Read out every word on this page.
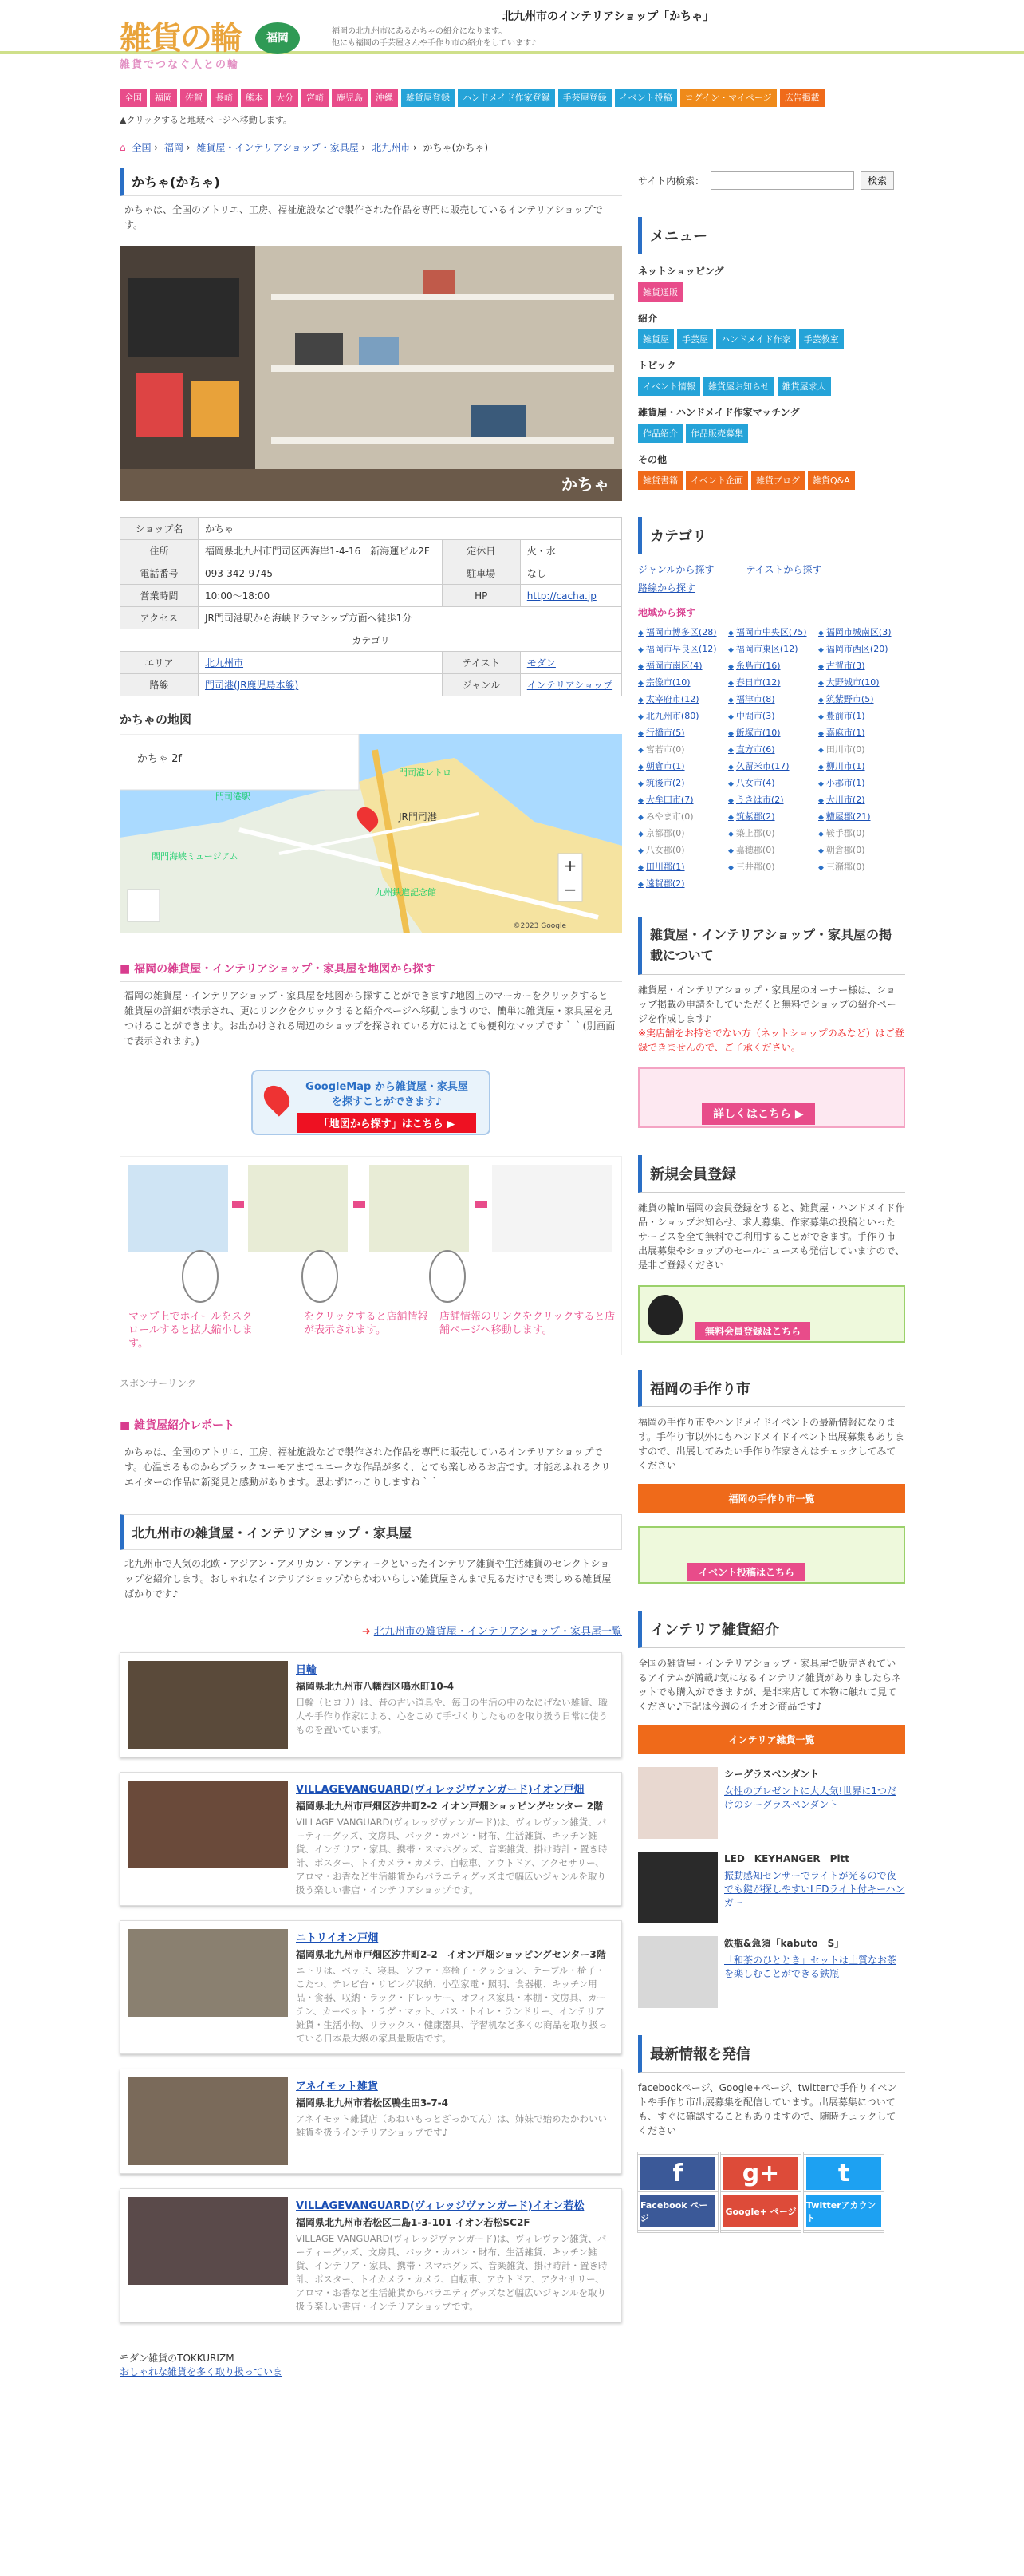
雑貨の輪	福岡
雑貨でつなぐ人との輪
福岡の北九州市にあるかちゃの紹介になります。
他にも福岡の手芸屋さんや手作り市の紹介をしています♪
北九州市のインテリアショップ「かちゃ」
全国	福岡	佐賀	長崎	熊本	大分	宮崎	鹿児島	沖縄	雑貨屋登録	ハンドメイド作家登録	手芸屋登録	イベント投稿	ログイン・マイページ	広告掲載
▲クリックすると地域ページへ移動します。
⌂ 全国 › 福岡 › 雑貨屋・インテリアショップ・家具屋 › 北九州市 › かちゃ(かちゃ)
かちゃ(かちゃ)

かちゃは、全国のアトリエ、工房、福祉施設などで製作された作品を専門に販売しているインテリアショップです。

かちゃ
ショップ名	かちゃ		
住所	福岡県北九州市門司区西海岸1-4-16　新海運ビル2F	定休日	火・水
電話番号	093-342-9745	駐車場	なし
営業時間	10:00〜18:00	HP	http://cacha.jp
アクセス	JR門司港駅から海峡ドラマシップ方面へ徒歩1分		
カテゴリ			
エリア	北九州市	テイスト	モダン
路線	門司港(JR鹿児島本線)	ジャンル	インテリアショップ
かちゃの地図
かちゃ 2f
門司港駅
JR門司港
九州鉄道記念館
関門海峡ミュージアム
門司港レトロ
+
−
©2023 Google
■ 福岡の雑貨屋・インテリアショップ・家具屋を地図から探す

福岡の雑貨屋・インテリアショップ・家具屋を地図から探すことができます♪地図上のマーカーをクリックすると雑貨屋の詳細が表示され、更にリンクをクリックすると紹介ページへ移動しますので、簡単に雑貨屋・家具屋を見つけることができます。お出かけされる周辺のショップを探されている方にはとても便利なマップです｀｀(別画面で表示されます。)

GoogleMap から雑貨屋・家具屋
を探すことができます♪
「地図から探す」はこちら ▶
マップ上でホイールをスクロールすると拡大縮小します。
をクリックすると店舗情報が表示されます。
店舗情報のリンクをクリックすると店舗ページへ移動します。
スポンサーリンク
■ 雑貨屋紹介レポート

かちゃは、全国のアトリエ、工房、福祉施設などで製作された作品を専門に販売しているインテリアショップです。心温まるものからブラックユーモアまでユニークな作品が多く、とても楽しめるお店です。才能あふれるクリエイターの作品に新発見と感動があります。思わずにっこりしますね｀｀

北九州市の雑貨屋・インテリアショップ・家具屋

北九州市で人気の北欧・アジアン・アメリカン・アンティークといったインテリア雑貨や生活雑貨のセレクトショップを紹介します。おしゃれなインテリアショップからかわいらしい雑貨屋さんまで見るだけでも楽しめる雑貨屋ばかりです♪

➜ 北九州市の雑貨屋・インテリアショップ・家具屋一覧
日輪
福岡県北九州市八幡西区鳴水町10-4
日輪（ヒヨリ）は、昔の古い道具や、毎日の生活の中のなにげない雑貨、職人や手作り作家による、心をこめて手づくりしたものを取り扱う日常に使うものを置いています。
VILLAGEVANGUARD(ヴィレッジヴァンガード)イオン戸畑
福岡県北九州市戸畑区汐井町2-2 イオン戸畑ショッピングセンター 2階
VILLAGE VANGUARD(ヴィレッジヴァンガード)は、ヴィレヴァン雑貨、パーティーグッズ、文房具、バック・カバン・財布、生活雑貨、キッチン雑貨、インテリア・家具、携帯・スマホグッズ、音楽雑貨、掛け時計・置き時計、ポスター、トイカメラ・カメラ、自転車、アウトドア、アクセサリー、アロマ・お香など生活雑貨からバラエティグッズまで幅広いジャンルを取り扱う楽しい書店・インテリアショップです。
ニトリイオン戸畑
福岡県北九州市戸畑区汐井町2-2　イオン戸畑ショッピングセンター3階
ニトリは、ベッド、寝具、ソファ・座椅子・クッション、テーブル・椅子・こたつ、テレビ台・リビング収納、小型家電・照明、食器棚、キッチン用品・食器、収納・ラック・ドレッサー、オフィス家具・本棚・文房具、カーテン、カーペット・ラグ・マット、バス・トイレ・ランドリー、インテリア雑貨・生活小物、リラックス・健康器具、学習机など多くの商品を取り扱っている日本最大級の家具量販店です。
アネイモット雑貨
福岡県北九州市若松区鴨生田3-7-4
アネイモット雑貨店（あねいもっとざっかてん）は、姉妹で始めたかわいい雑貨を扱うインテリアショップです♪
VILLAGEVANGUARD(ヴィレッジヴァンガード)イオン若松
福岡県北九州市若松区二島1-3-101 イオン若松SC2F
VILLAGE VANGUARD(ヴィレッジヴァンガード)は、ヴィレヴァン雑貨、パーティーグッズ、文房具、バック・カバン・財布、生活雑貨、キッチン雑貨、インテリア・家具、携帯・スマホグッズ、音楽雑貨、掛け時計・置き時計、ポスター、トイカメラ・カメラ、自転車、アウトドア、アクセサリー、アロマ・お香など生活雑貨からバラエティグッズなど幅広いジャンルを取り扱う楽しい書店・インテリアショップです。
モダン雑貨のTOKKURIZM
おしゃれな雑貨を多く取り扱っていま
サイト内検索：	検索
メニュー
ネットショッピング
雑貨通販
紹介
雑貨屋	手芸屋	ハンドメイド作家	手芸教室
トピック
イベント情報	雑貨屋お知らせ	雑貨屋求人
雑貨屋・ハンドメイド作家マッチング
作品紹介	作品販売募集
その他
雑貨書籍	イベント企画	雑貨ブログ	雑貨Q&A
カテゴリ
ジャンルから探す	テイストから探す
路線から探す
地域から探す
◆ 福岡市博多区(28)	◆ 福岡市中央区(75)	◆ 福岡市城南区(3)
◆ 福岡市早良区(12)	◆ 福岡市東区(12)	◆ 福岡市西区(20)
◆ 福岡市南区(4)	◆ 糸島市(16)	◆ 古賀市(3)
◆ 宗像市(10)	◆ 春日市(12)	◆ 大野城市(10)
◆ 太宰府市(12)	◆ 福津市(8)	◆ 筑紫野市(5)
◆ 北九州市(80)	◆ 中間市(3)	◆ 豊前市(1)
◆ 行橋市(5)	◆ 飯塚市(10)	◆ 嘉麻市(1)
◆ 宮若市(0)	◆ 直方市(6)	◆ 田川市(0)
◆ 朝倉市(1)	◆ 久留米市(17)	◆ 柳川市(1)
◆ 筑後市(2)	◆ 八女市(4)	◆ 小郡市(1)
◆ 大牟田市(7)	◆ うきは市(2)	◆ 大川市(2)
◆ みやま市(0)	◆ 筑紫郡(2)	◆ 糟屋郡(21)
◆ 京都郡(0)	◆ 築上郡(0)	◆ 鞍手郡(0)
◆ 八女郡(0)	◆ 嘉穂郡(0)	◆ 朝倉郡(0)
◆ 田川郡(1)	◆ 三井郡(0)	◆ 三潴郡(0)
◆ 遠賀郡(2)
雑貨屋・インテリアショップ・家具屋の掲載について

雑貨屋・インテリアショップ・家具屋のオーナー様は、ショップ掲載の申請をしていただくと無料でショップの紹介ページを作成します♪

※実店舗をお持ちでない方（ネットショップのみなど）はご登録できませんので、ご了承ください。

詳しくはこちら ▶
新規会員登録

雑貨の輪in福岡の会員登録をすると、雑貨屋・ハンドメイド作品・ショップお知らせ、求人募集、作家募集の投稿といったサービスを全て無料でご利用することができます。手作り市出展募集やショップのセールニュースも発信していますので、是非ご登録ください

無料会員登録はこちら
福岡の手作り市

福岡の手作り市やハンドメイドイベントの最新情報になります。手作り市以外にもハンドメイドイベント出展募集もありますので、出展してみたい手作り作家さんはチェックしてみてください

福岡の手作り市一覧
イベント投稿はこちら
インテリア雑貨紹介

全国の雑貨屋・インテリアショップ・家具屋で販売されているアイテムが満載♪気になるインテリア雑貨がありましたらネットでも購入ができますが、是非来店して本物に触れて見てください♪下記は今週のイチオシ商品です♪

インテリア雑貨一覧
シーグラスペンダント
女性のプレゼントに大人気!世界に1つだけのシーグラスペンダント
LED　KEYHANGER　Pitt
振動感知センサーでライトが光るので夜でも鍵が探しやすいLEDライト付キーハンガー
鉄瓶&急須「kabuto　S」
「和茶のひととき」セットは上質なお茶を楽しむことができる鉄瓶
最新情報を発信

facebookページ、Google+ページ、twitterで手作りイベントや手作り市出展募集を配信しています。出展募集についても、すぐに確認することもありますので、随時チェックしてください

f
Facebook ページ
g+
Google+ ページ
t
Twitterアカウント
